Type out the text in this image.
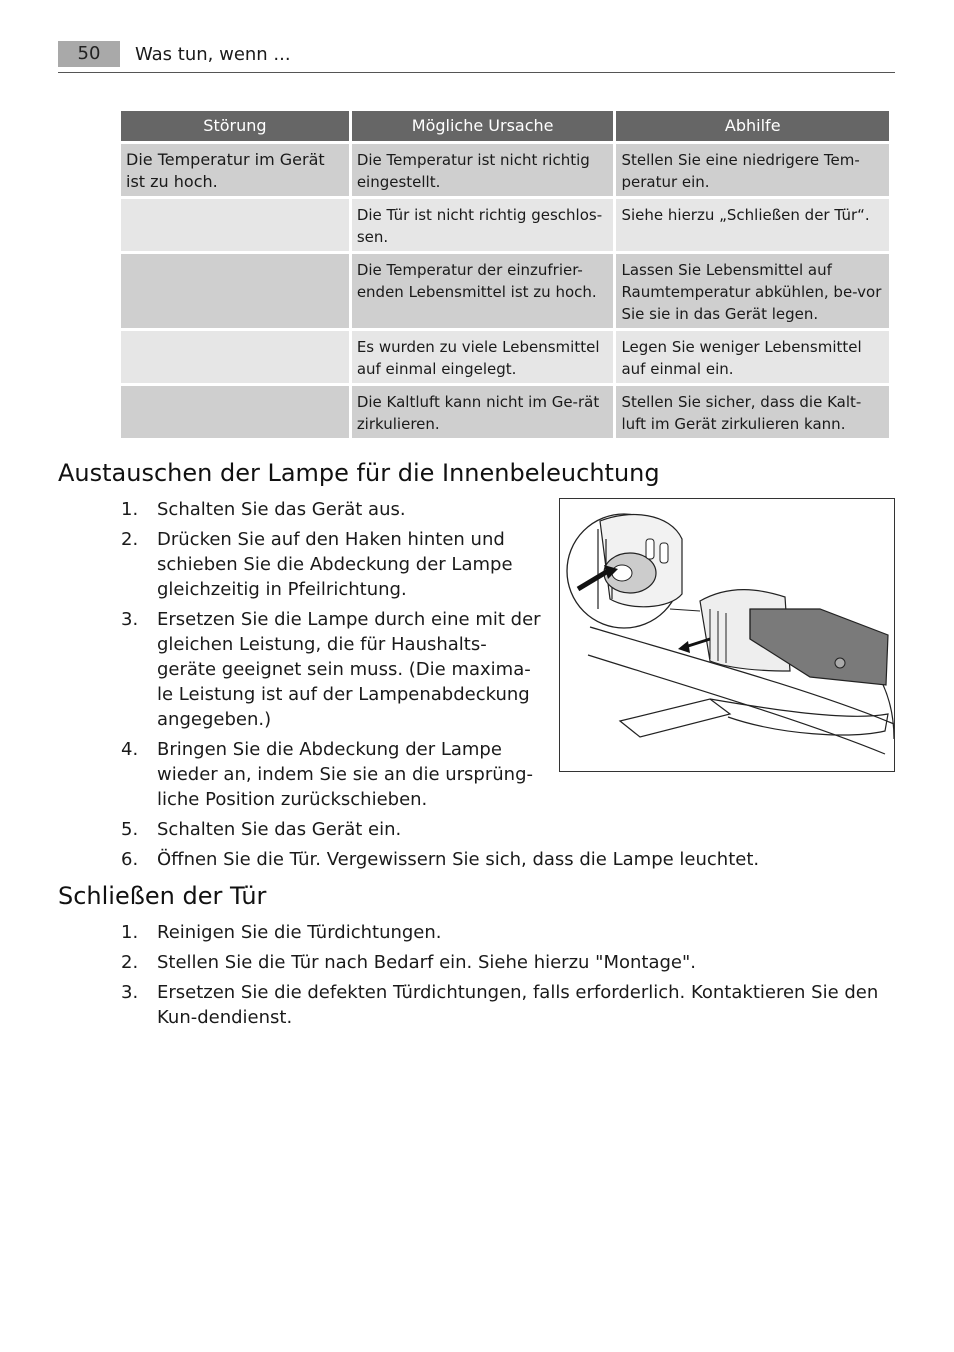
50	Was tun, wenn ...
Störung	Mögliche Ursache	Abhilfe
Die Temperatur im Gerät ist zu hoch.	Die Temperatur ist nicht richtig eingestellt.	Stellen Sie eine niedrigere Tem-peratur ein.
	Die Tür ist nicht richtig geschlos-sen.	Siehe hierzu „Schließen der Tür“.
	Die Temperatur der einzufrier-enden Lebensmittel ist zu hoch.	Lassen Sie Lebensmittel auf Raumtemperatur abkühlen, be-vor Sie sie in das Gerät legen.
	Es wurden zu viele Lebensmittel auf einmal eingelegt.	Legen Sie weniger Lebensmittel auf einmal ein.
	Die Kaltluft kann nicht im Ge-rät zirkulieren.	Stellen Sie sicher, dass die Kalt-luft im Gerät zirkulieren kann.
Austauschen der Lampe für die Innenbeleuchtung
1. Schalten Sie das Gerät aus.
2. Drücken Sie auf den Haken hinten und schieben Sie die Abdeckung der Lampe gleichzeitig in Pfeilrichtung.
3. Ersetzen Sie die Lampe durch eine mit der gleichen Leistung, die für Haushalts-geräte geeignet sein muss. (Die maxima-le Leistung ist auf der Lampenabdeckung angegeben.)
4. Bringen Sie die Abdeckung der Lampe wieder an, indem Sie sie an die ursprüng-liche Position zurückschieben.
5. Schalten Sie das Gerät ein.
6. Öffnen Sie die Tür. Vergewissern Sie sich, dass die Lampe leuchtet.
Schließen der Tür
1. Reinigen Sie die Türdichtungen.
2. Stellen Sie die Tür nach Bedarf ein. Siehe hierzu "Montage".
3. Ersetzen Sie die defekten Türdichtungen, falls erforderlich. Kontaktieren Sie den Kun-dendienst.
